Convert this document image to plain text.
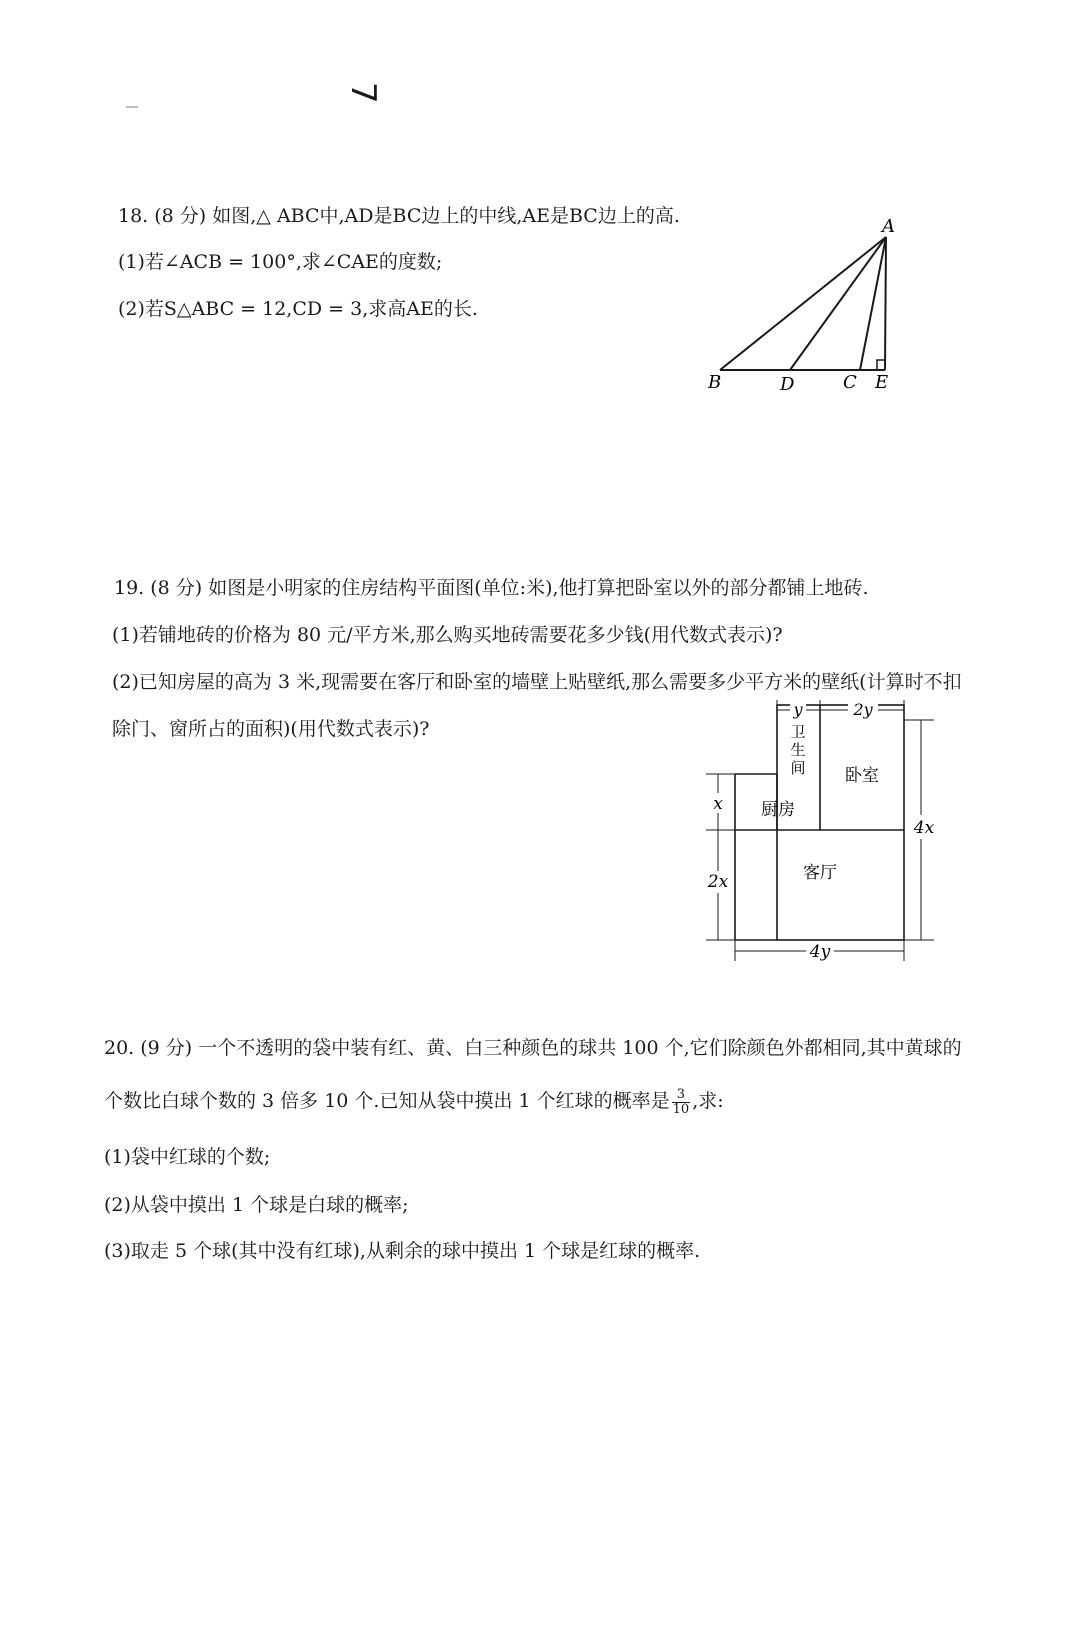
7
18. (8 分) 如图,△ ABC中,AD是BC边上的中线,AE是BC边上的高.
(1)若∠ACB = 100°,求∠CAE的度数;
(2)若S△ABC = 12,CD = 3,求高AE的长.
A
B	D	C E
19. (8 分) 如图是小明家的住房结构平面图(单位:米),他打算把卧室以外的部分都铺上地砖.
(1)若铺地砖的价格为 80 元/平方米,那么购买地砖需要花多少钱(用代数式表示)?
(2)已知房屋的高为 3 米,现需要在客厅和卧室的墙壁上贴壁纸,那么需要多少平方米的壁纸(计算时不扣
除门、窗所占的面积)(用代数式表示)?
y	2y
4x
x
2x
4y
卫
生
间 卧室
厨房
客厅
20. (9 分) 一个不透明的袋中装有红、黄、白三种颜色的球共 100 个,它们除颜色外都相同,其中黄球的
个数比白球个数的 3 倍多 10 个.已知从袋中摸出 1 个红球的概率是 $\frac{3}{10}$ ,求:
(1)袋中红球的个数;
(2)从袋中摸出 1 个球是白球的概率;
(3)取走 5 个球(其中没有红球),从剩余的球中摸出 1 个球是红球的概率.
